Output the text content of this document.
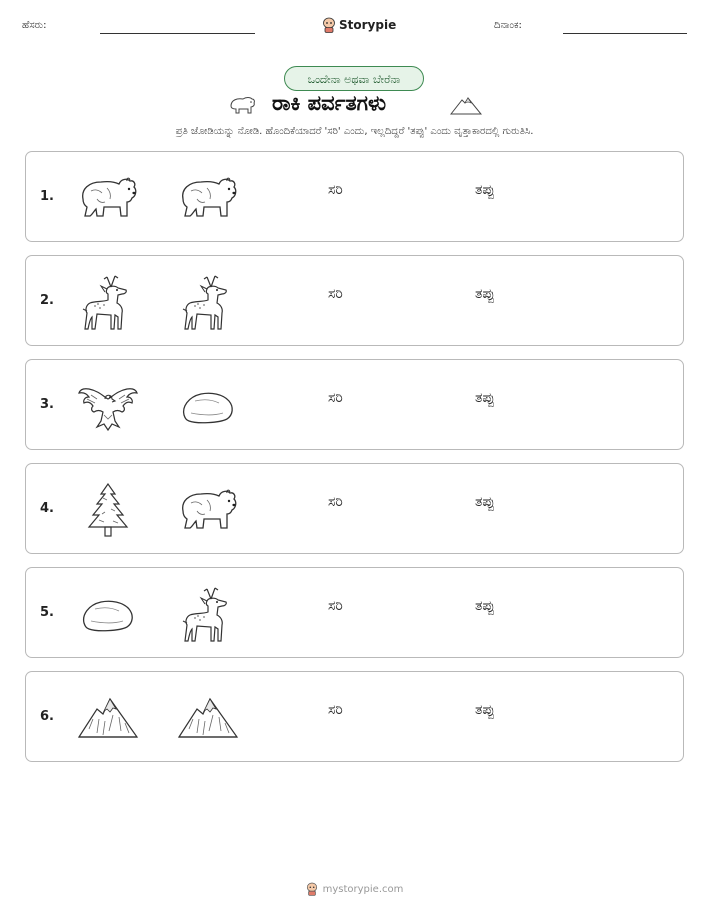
ಹೆಸರು:	Storypie	ದಿನಾಂಕ:
ಒಂದೇನಾ ಅಥವಾ ಬೇರೆನಾ
ರಾಕಿ ಪರ್ವತಗಳು
ಪ್ರತಿ ಜೋಡಿಯನ್ನು ನೋಡಿ. ಹೊಂದಿಕೆಯಾದರೆ 'ಸರಿ' ಎಂದು, ಇಲ್ಲದಿದ್ದರೆ 'ತಪ್ಪು' ಎಂದು ವೃತ್ತಾಕಾರದಲ್ಲಿ ಗುರುತಿಸಿ.
1.	ಸರಿ	ತಪ್ಪು
2.	ಸರಿ	ತಪ್ಪು
3.	ಸರಿ	ತಪ್ಪು
4.	ಸರಿ	ತಪ್ಪು
5.	ಸರಿ	ತಪ್ಪು
6.	ಸರಿ	ತಪ್ಪು
mystorypie.com
